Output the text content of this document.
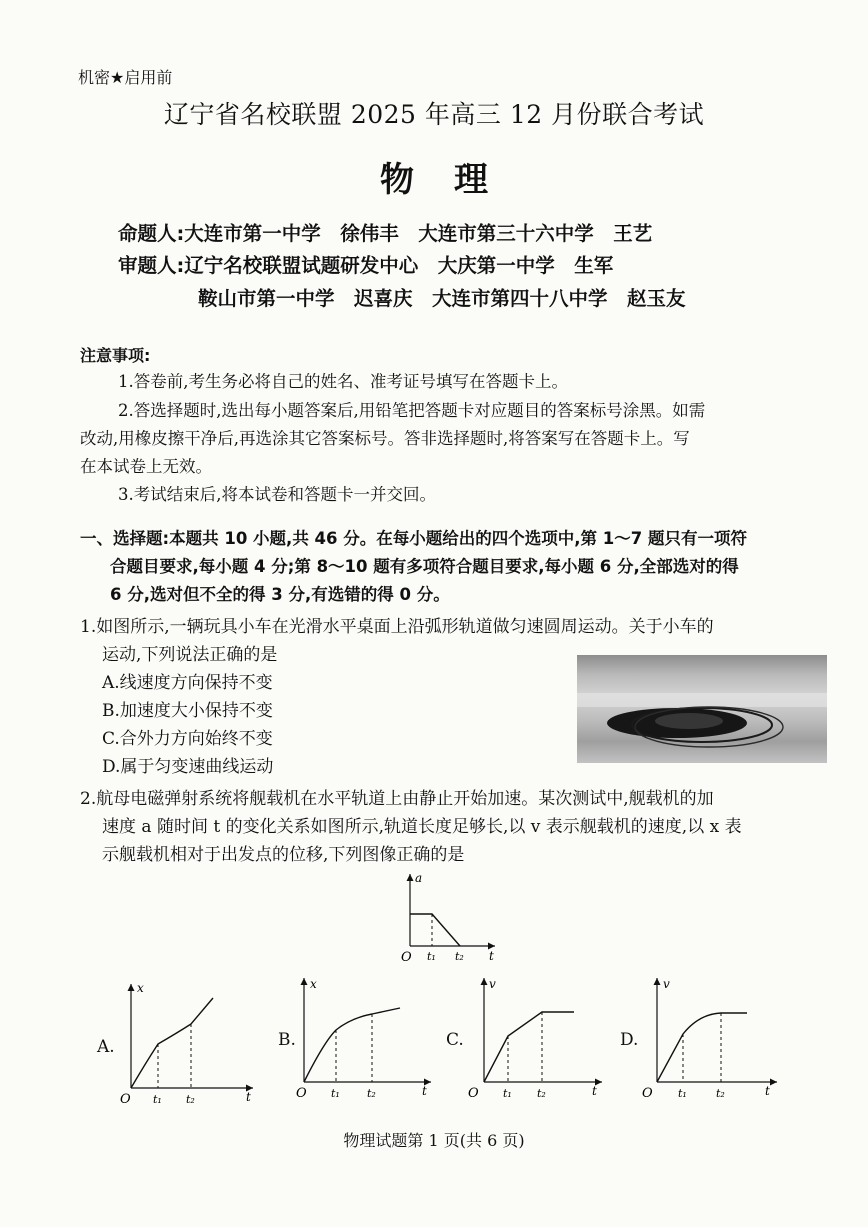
机密★启用前
辽宁省名校联盟 2025 年高三 12 月份联合考试
物理
命题人:大连市第一中学　徐伟丰　大连市第三十六中学　王艺
审题人:辽宁名校联盟试题研发中心　大庆第一中学　生军
鞍山市第一中学　迟喜庆　大连市第四十八中学　赵玉友
注意事项:
1.答卷前,考生务必将自己的姓名、准考证号填写在答题卡上。
2.答选择题时,选出每小题答案后,用铅笔把答题卡对应题目的答案标号涂黑。如需
改动,用橡皮擦干净后,再选涂其它答案标号。答非选择题时,将答案写在答题卡上。写
在本试卷上无效。
3.考试结束后,将本试卷和答题卡一并交回。
一、选择题:本题共 10 小题,共 46 分。在每小题给出的四个选项中,第 1～7 题只有一项符
合题目要求,每小题 4 分;第 8～10 题有多项符合题目要求,每小题 6 分,全部选对的得
6 分,选对但不全的得 3 分,有选错的得 0 分。
1.如图所示,一辆玩具小车在光滑水平桌面上沿弧形轨道做匀速圆周运动。关于小车的
运动,下列说法正确的是
A.线速度方向保持不变
B.加速度大小保持不变
C.合外力方向始终不变
D.属于匀变速曲线运动
2.航母电磁弹射系统将舰载机在水平轨道上由静止开始加速。某次测试中,舰载机的加
速度 a 随时间 t 的变化关系如图所示,轨道长度足够长,以 v 表示舰载机的速度,以 x 表
示舰载机相对于出发点的位移,下列图像正确的是
a
O t₁ t₂ t
A.
x
O t₁ t₂	t
B.
x
O t₁ t₂	t
C.
v
O t₁ t₂	t
D.
v
O t₁	t₂	t
物理试题第 1 页(共 6 页)
